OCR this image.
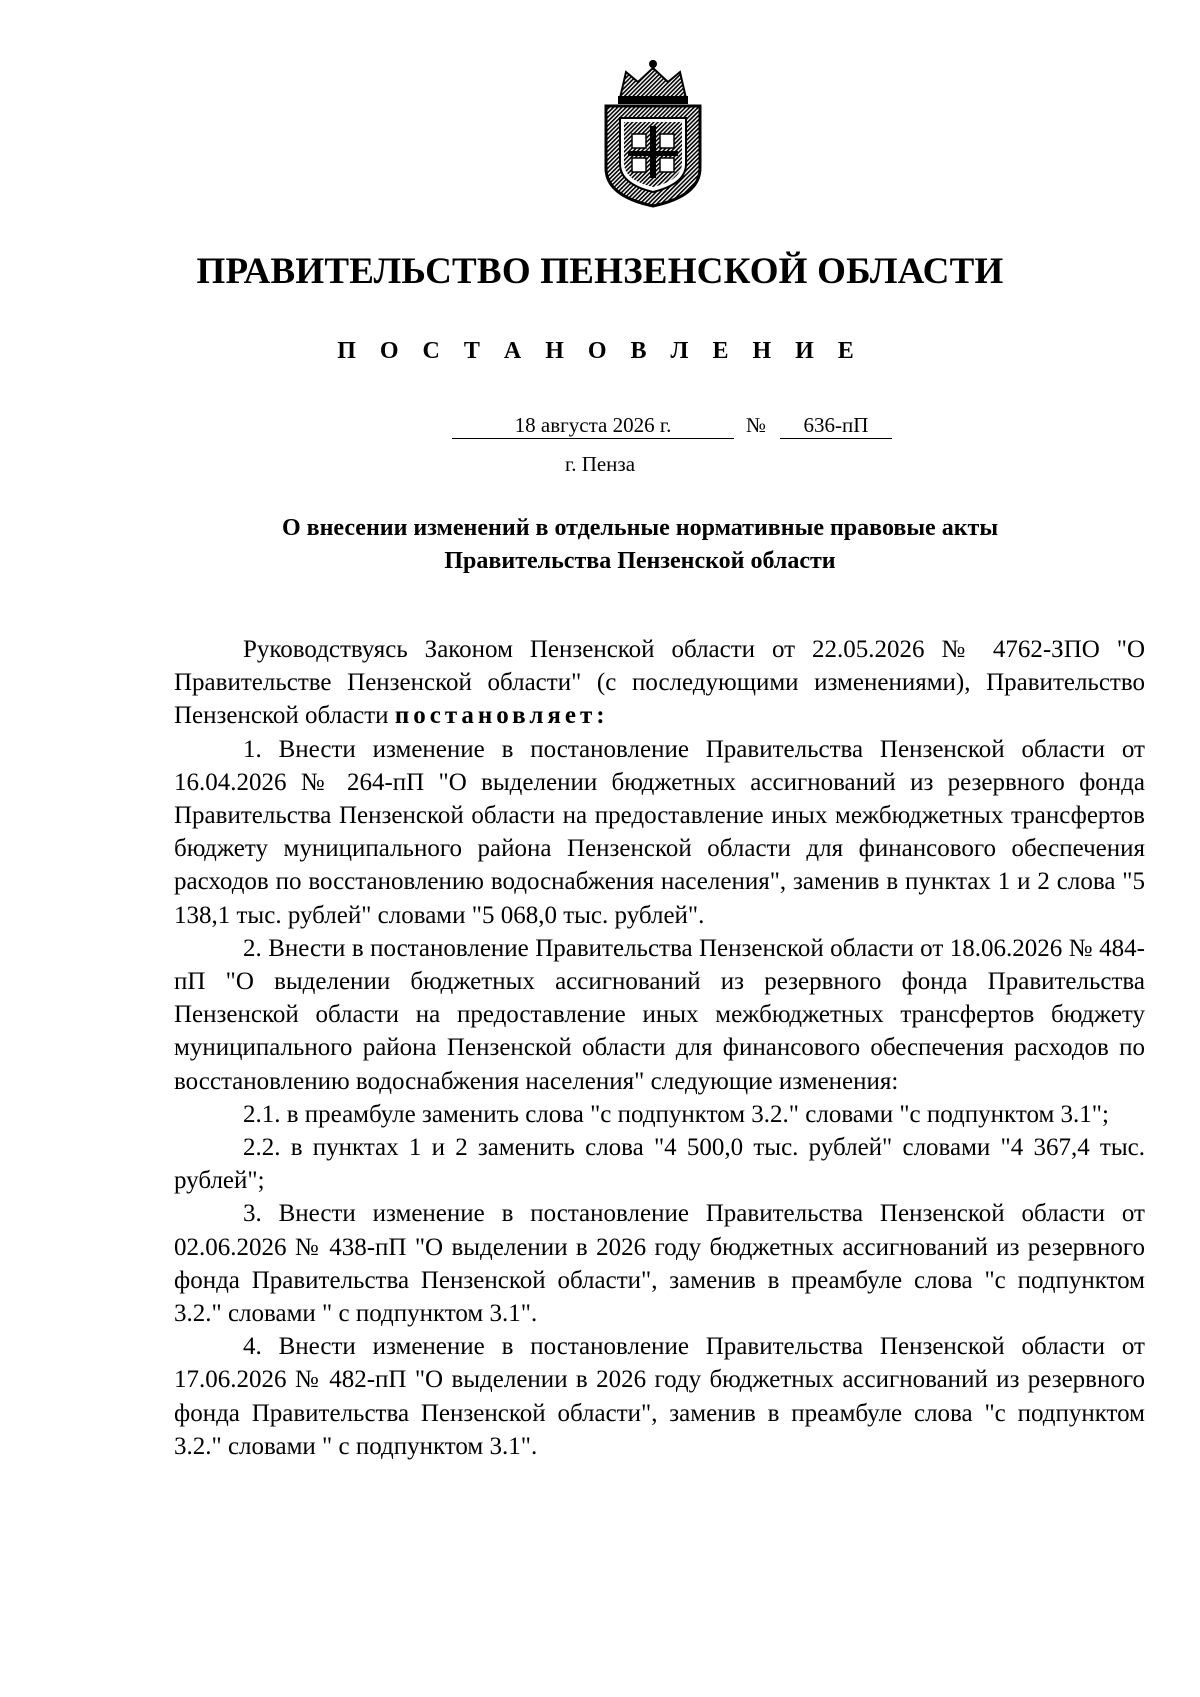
ПРАВИТЕЛЬСТВО ПЕНЗЕНСКОЙ ОБЛАСТИ
П О С Т А Н О В Л Е Н И Е
18 августа 2026 г.	№	636-пП
г. Пенза
О внесении изменений в отдельные нормативные правовые акты
Правительства Пензенской области

Руководствуясь Законом Пензенской области от 22.05.2026 № 4762-ЗПО "О Правительстве Пензенской области" (с последующими изменениями), Правительство Пензенской области постановляет:

1. Внести изменение в постановление Правительства Пензенской области от 16.04.2026 № 264-пП "О выделении бюджетных ассигнований из резервного фонда Правительства Пензенской области на предоставление иных межбюджетных трансфертов бюджету муниципального района Пензенской области для финансового обеспечения расходов по восстановлению водоснабжения населения", заменив в пунктах 1 и 2 слова "5 138,1 тыс. рублей" словами "5 068,0 тыс. рублей".

2. Внести в постановление Правительства Пензенской области от 18.06.2026 № 484-пП "О выделении бюджетных ассигнований из резервного фонда Правительства Пензенской области на предоставление иных межбюджетных трансфертов бюджету муниципального района Пензенской области для финансового обеспечения расходов по восстановлению водоснабжения населения" следующие изменения:

2.1. в преамбуле заменить слова "с подпунктом 3.2." словами "с подпунктом 3.1";

2.2. в пунктах 1 и 2 заменить слова "4 500,0 тыс. рублей" словами "4 367,4 тыс. рублей";

3. Внести изменение в постановление Правительства Пензенской области от 02.06.2026 № 438-пП "О выделении в 2026 году бюджетных ассигнований из резервного фонда Правительства Пензенской области", заменив в преамбуле слова "с подпунктом 3.2." словами " с подпунктом 3.1".

4. Внести изменение в постановление Правительства Пензенской области от 17.06.2026 № 482-пП "О выделении в 2026 году бюджетных ассигнований из резервного фонда Правительства Пензенской области", заменив в преамбуле слова "с подпунктом 3.2." словами " с подпунктом 3.1".
